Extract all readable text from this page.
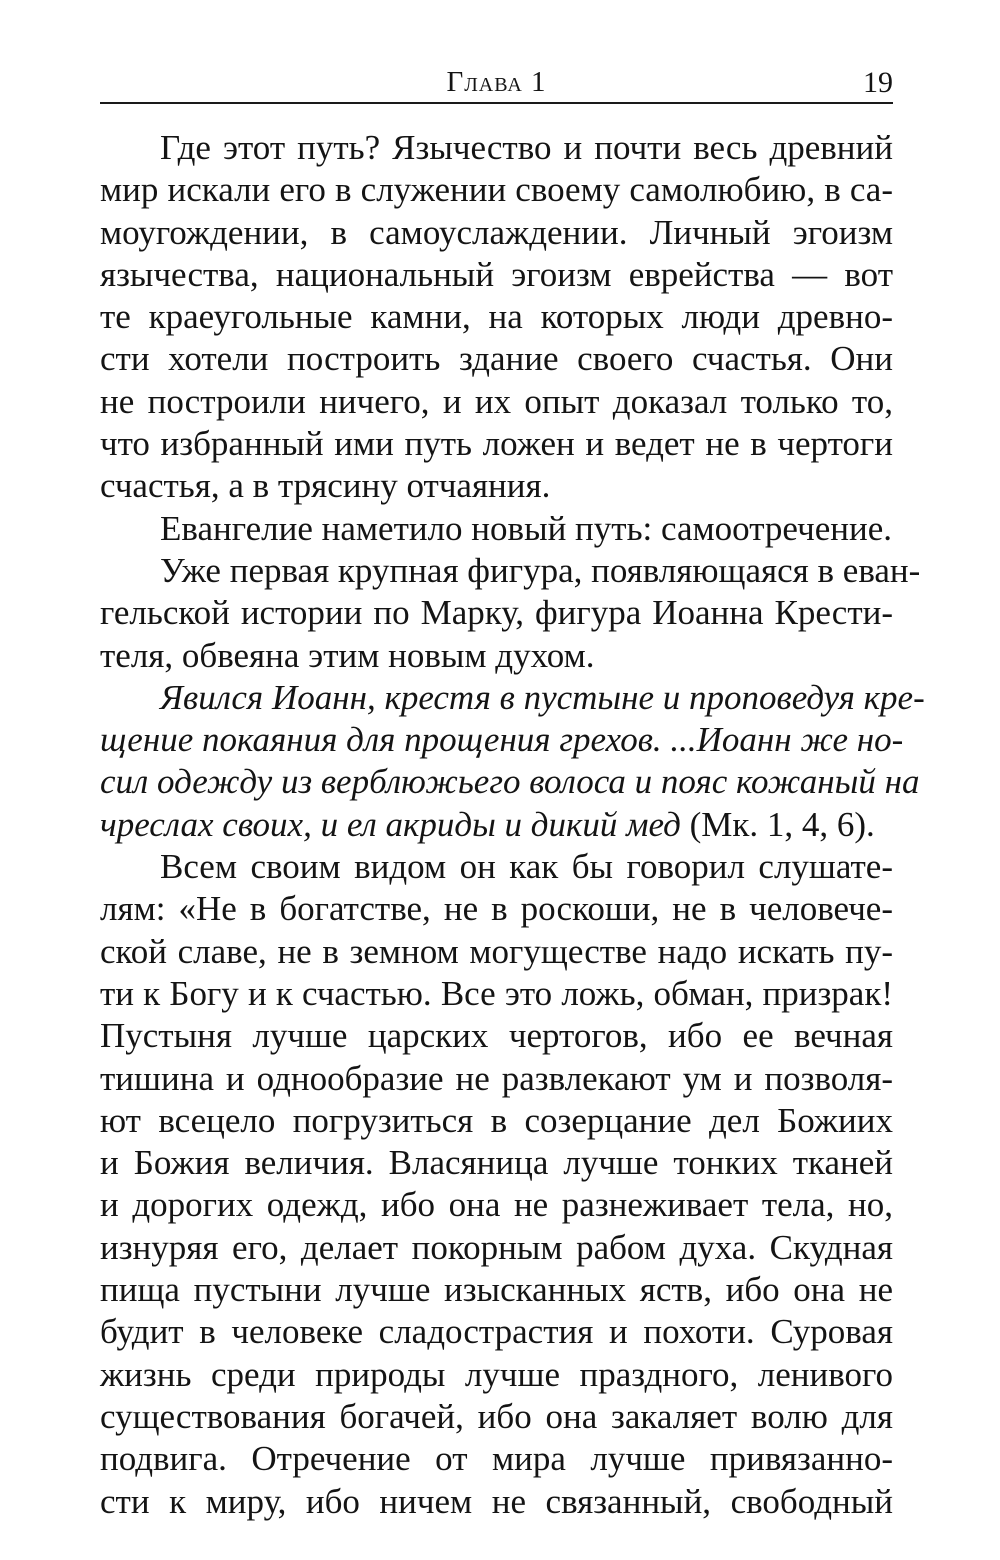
Глава 1	19
Где этот путь? Язычество и почти весь древний
мир искали его в служении своему самолюбию, в са-
моугождении, в самоуслаждении. Личный эгоизм
язычества, национальный эгоизм еврейства — вот
те краеугольные камни, на которых люди древно-
сти хотели построить здание своего счастья. Они
не построили ничего, и их опыт доказал только то,
что избранный ими путь ложен и ведет не в чертоги
счастья, а в трясину отчаяния.
Евангелие наметило новый путь: самоотречение.
Уже первая крупная фигура, появляющаяся в еван-
гельской истории по Марку, фигура Иоанна Крести-
теля, обвеяна этим новым духом.
Явился Иоанн, крестя в пустыне и проповедуя кре-
щение покаяния для прощения грехов. ...Иоанн же но-
сил одежду из верблюжьего волоса и пояс кожаный на
чреслах своих, и ел акриды и дикий мед (Мк. 1, 4, 6).
Всем своим видом он как бы говорил слушате-
лям: «Не в богатстве, не в роскоши, не в человече-
ской славе, не в земном могуществе надо искать пу-
ти к Богу и к счастью. Все это ложь, обман, призрак!
Пустыня лучше царских чертогов, ибо ее вечная
тишина и однообразие не развлекают ум и позволя-
ют всецело погрузиться в созерцание дел Божиих
и Божия величия. Власяница лучше тонких тканей
и дорогих одежд, ибо она не разнеживает тела, но,
изнуряя его, делает покорным рабом духа. Скудная
пища пустыни лучше изысканных яств, ибо она не
будит в человеке сладострастия и похоти. Суровая
жизнь среди природы лучше праздного, ленивого
существования богачей, ибо она закаляет волю для
подвига. Отречение от мира лучше привязанно-
сти к миру, ибо ничем не связанный, свободный
